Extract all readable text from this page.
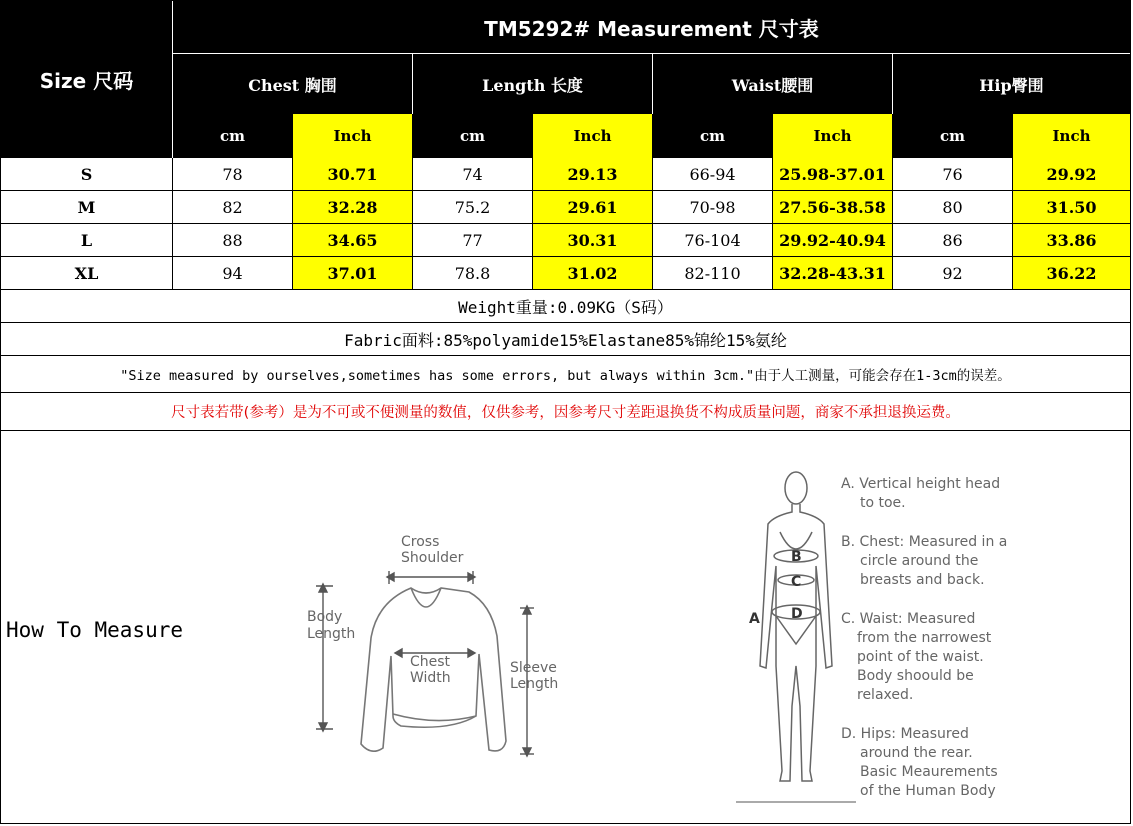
Size 尺码
TM5292# Measurement 尺寸表
Chest 胸围	Length 长度	Waist腰围	Hip臀围
cm	Inch	cm	Inch	cm	Inch	cm	Inch
S	78	30.71	74	29.13	66-94	25.98-37.01	76	29.92
M	82	32.28	75.2	29.61	70-98	27.56-38.58	80	31.50
L	88	34.65	77	30.31	76-104 29.92-40.94	86	33.86
XL	94	37.01	78.8	31.02	82-110 32.28-43.31	92	36.22
Weight重量:0.09KG（S码）
Fabric面料:85%polyamide15%Elastane85%锦纶15%氨纶
"Size measured by ourselves,sometimes has some errors, but always within 3cm."由于人工测量，可能会存在1-3cm的误差。
尺寸表若带(参考）是为不可或不便测量的数值，仅供参考，因参考尺寸差距退换货不构成质量问题，商家不承担退换运费。
How To Measure
Cross
Shoulder
Body
Length
Chest
Width
Sleeve
Length
A
B
C
D
A. Vertical height head
to toe.
B. Chest: Measured in a
circle around the
breasts and back.
C. Waist: Measured
from the narrowest
point of the waist.
Body shoould be
relaxed.
D. Hips: Measured
around the rear.
Basic Meaurements
of the Human Body
